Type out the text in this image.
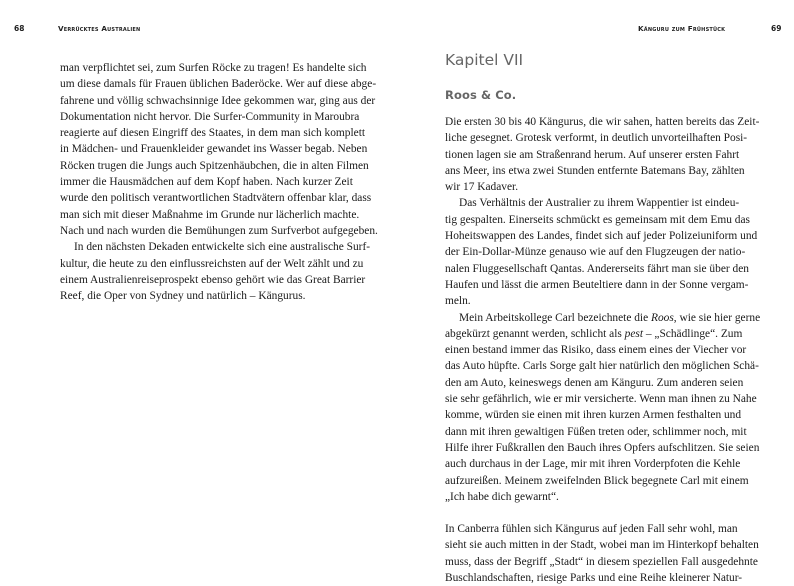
68	Verrücktes Australien
man verpflichtet sei, zum Surfen Röcke zu tragen! Es handelte sich
um diese damals für Frauen üblichen Baderöcke. Wer auf diese abge-
fahrene und völlig schwachsinnige Idee gekommen war, ging aus der
Dokumentation nicht hervor. Die Surfer-Community in Maroubra
reagierte auf diesen Eingriff des Staates, in dem man sich komplett
in Mädchen- und Frauenkleider gewandet ins Wasser begab. Neben
Röcken trugen die Jungs auch Spitzenhäubchen, die in alten Filmen
immer die Hausmädchen auf dem Kopf haben. Nach kurzer Zeit
wurde den politisch verantwortlichen Stadtvätern offenbar klar, dass
man sich mit dieser Maßnahme im Grunde nur lächerlich machte.
Nach und nach wurden die Bemühungen zum Surfverbot aufgegeben.
In den nächsten Dekaden entwickelte sich eine australische Surf-
kultur, die heute zu den einflussreichsten auf der Welt zählt und zu
einem Australienreiseprospekt ebenso gehört wie das Great Barrier
Reef, die Oper von Sydney und natürlich – Kängurus.
Känguru zum Frühstück	69
Kapitel VII
Roos & Co.
Die ersten 30 bis 40 Kängurus, die wir sahen, hatten bereits das Zeit-
liche gesegnet. Grotesk verformt, in deutlich unvorteilhaften Posi-
tionen lagen sie am Straßenrand herum. Auf unserer ersten Fahrt
ans Meer, ins etwa zwei Stunden entfernte Batemans Bay, zählten
wir 17 Kadaver.
Das Verhältnis der Australier zu ihrem Wappentier ist eindeu-
tig gespalten. Einerseits schmückt es gemeinsam mit dem Emu das
Hoheitswappen des Landes, findet sich auf jeder Polizeiuniform und
der Ein-Dollar-Münze genauso wie auf den Flugzeugen der natio-
nalen Fluggesellschaft Qantas. Andererseits fährt man sie über den
Haufen und lässt die armen Beuteltiere dann in der Sonne vergam-
meln.
Mein Arbeitskollege Carl bezeichnete die Roos, wie sie hier gerne
abgekürzt genannt werden, schlicht als pest – „Schädlinge“. Zum
einen bestand immer das Risiko, dass einem eines der Viecher vor
das Auto hüpfte. Carls Sorge galt hier natürlich den möglichen Schä-
den am Auto, keineswegs denen am Känguru. Zum anderen seien
sie sehr gefährlich, wie er mir versicherte. Wenn man ihnen zu Nahe
komme, würden sie einen mit ihren kurzen Armen festhalten und
dann mit ihren gewaltigen Füßen treten oder, schlimmer noch, mit
Hilfe ihrer Fußkrallen den Bauch ihres Opfers aufschlitzen. Sie seien
auch durchaus in der Lage, mir mit ihren Vorderpfoten die Kehle
aufzureißen. Meinem zweifelnden Blick begegnete Carl mit einem
„Ich habe dich gewarnt“.
In Canberra fühlen sich Kängurus auf jeden Fall sehr wohl, man
sieht sie auch mitten in der Stadt, wobei man im Hinterkopf behalten
muss, dass der Begriff „Stadt“ in diesem speziellen Fall ausgedehnte
Buschlandschaften, riesige Parks und eine Reihe kleinerer Natur-
